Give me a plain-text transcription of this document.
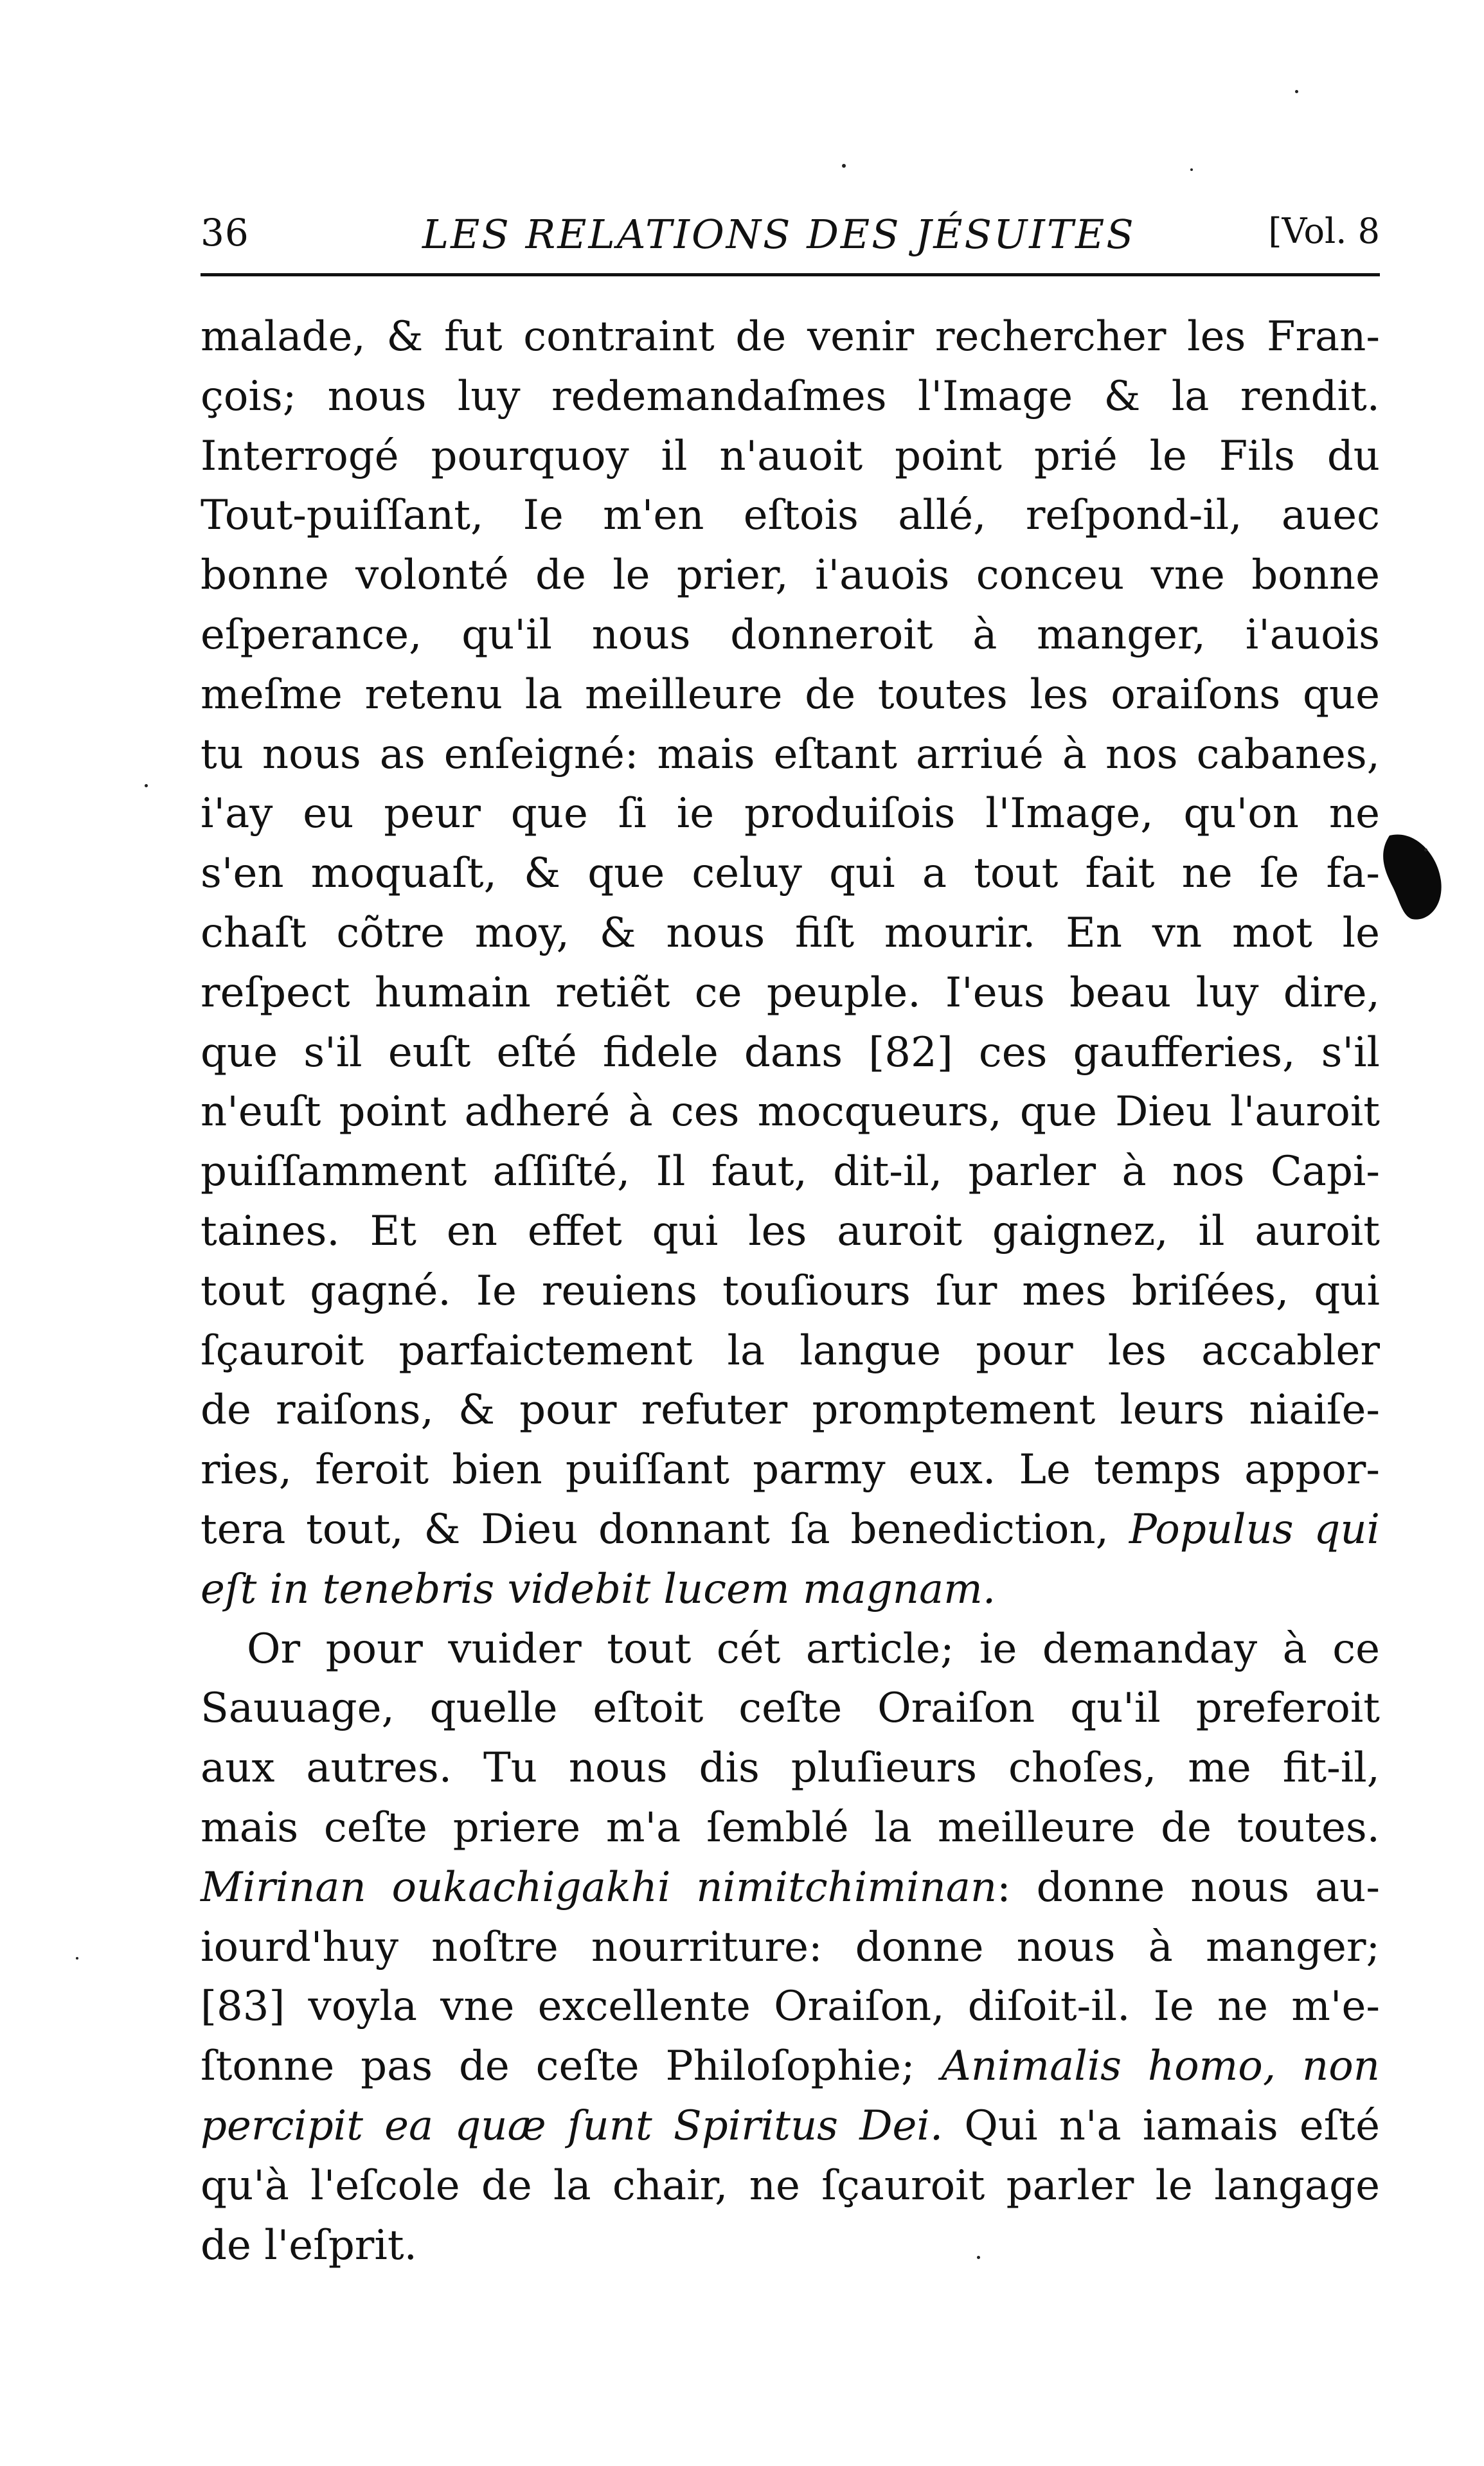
36	LES RELATIONS DES JÉSUITES	[Vol. 8
malade, & fut contraint de venir rechercher les Fran-
çois; nous luy redemandaſmes l'Image & la rendit.
Interrogé pourquoy il n'auoit point prié le Fils du
Tout-puiſſant, Ie m'en eſtois allé, reſpond-il, auec
bonne volonté de le prier, i'auois conceu vne bonne
eſperance, qu'il nous donneroit à manger, i'auois
meſme retenu la meilleure de toutes les oraiſons que
tu nous as enſeigné: mais eſtant arriué à nos cabanes,
i'ay eu peur que ſi ie produiſois l'Image, qu'on ne
s'en moquaſt, & que celuy qui a tout fait ne ſe fa-
chaſt cõtre moy, & nous fiſt mourir. En vn mot le
reſpect humain retiẽt ce peuple. I'eus beau luy dire,
que s'il euſt eſté fidele dans [82] ces gaufferies, s'il
n'euſt point adheré à ces mocqueurs, que Dieu l'auroit
puiſſamment aſſiſté, Il faut, dit-il, parler à nos Capi-
taines. Et en effet qui les auroit gaignez, il auroit
tout gagné. Ie reuiens touſiours ſur mes briſées, qui
ſçauroit parfaictement la langue pour les accabler
de raiſons, & pour refuter promptement leurs niaiſe-
ries, feroit bien puiſſant parmy eux. Le temps appor-
tera tout, & Dieu donnant ſa benediction, Populus qui
eſt in tenebris videbit lucem magnam.
Or pour vuider tout cét article; ie demanday à ce
Sauuage, quelle eſtoit ceſte Oraiſon qu'il preferoit
aux autres. Tu nous dis pluſieurs choſes, me fit-il,
mais ceſte priere m'a ſemblé la meilleure de toutes.
Mirinan oukachigakhi nimitchiminan: donne nous au-
iourd'huy noſtre nourriture: donne nous à manger;
[83] voyla vne excellente Oraiſon, diſoit-il. Ie ne m'e-
ſtonne pas de ceſte Philoſophie; Animalis homo, non
percipit ea quæ ſunt Spiritus Dei. Qui n'a iamais eſté
qu'à l'eſcole de la chair, ne ſçauroit parler le langage
de l'eſprit.
